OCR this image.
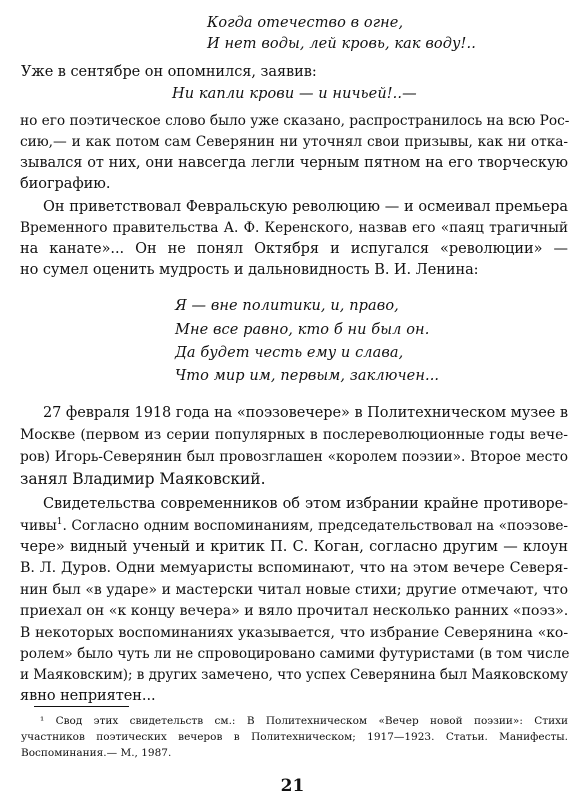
Когда отечество в огне,
И нет воды, лей кровь, как воду!..
Уже в сентябре он опомнился, заявив:
Ни капли крови — и ничьей!..—
но его поэтическое слово было уже сказано, распространилось на всю Рос-
сию,— и как потом сам Северянин ни уточнял свои призывы, как ни отка-
зывался от них, они навсегда легли черным пятном на его творческую
биографию.
Он приветствовал Февральскую революцию — и осмеивал премьера
Временного правительства А. Ф. Керенского, назвав его «паяц трагичный
на канате»... Он не понял Октября и испугался «революции» —
но сумел оценить мудрость и дальновидность В. И. Ленина:
Я — вне политики, и, право,
Мне все равно, кто б ни был он.
Да будет честь ему и слава,
Что мир им, первым, заключен...
27 февраля 1918 года на «поэзовечере» в Политехническом музее в
Москве (первом из серии популярных в послереволюционные годы вече-
ров) Игорь-Северянин был провозглашен «королем поэзии». Второе место
занял Владимир Маяковский.
Свидетельства современников об этом избрании крайне противоре-
чивы$^1$. Согласно одним воспоминаниям, председательствовал на «поэзове-
чере» видный ученый и критик П. С. Коган, согласно другим — клоун
В. Л. Дуров. Одни мемуаристы вспоминают, что на этом вечере Северя-
нин был «в ударе» и мастерски читал новые стихи; другие отмечают, что
приехал он «к концу вечера» и вяло прочитал несколько ранних «поэз».
В некоторых воспоминаниях указывается, что избрание Северянина «ко-
ролем» было чуть ли не спровоцировано самими футуристами (в том числе
и Маяковским); в других замечено, что успех Северянина был Маяковскому
явно неприятен...
¹ Свод этих свидетельств см.: В Политехническом «Вечер новой поэзии»: Стихи
участников поэтических вечеров в Политехническом; 1917—1923. Статьи. Манифесты.
Воспоминания.— М., 1987.
21
